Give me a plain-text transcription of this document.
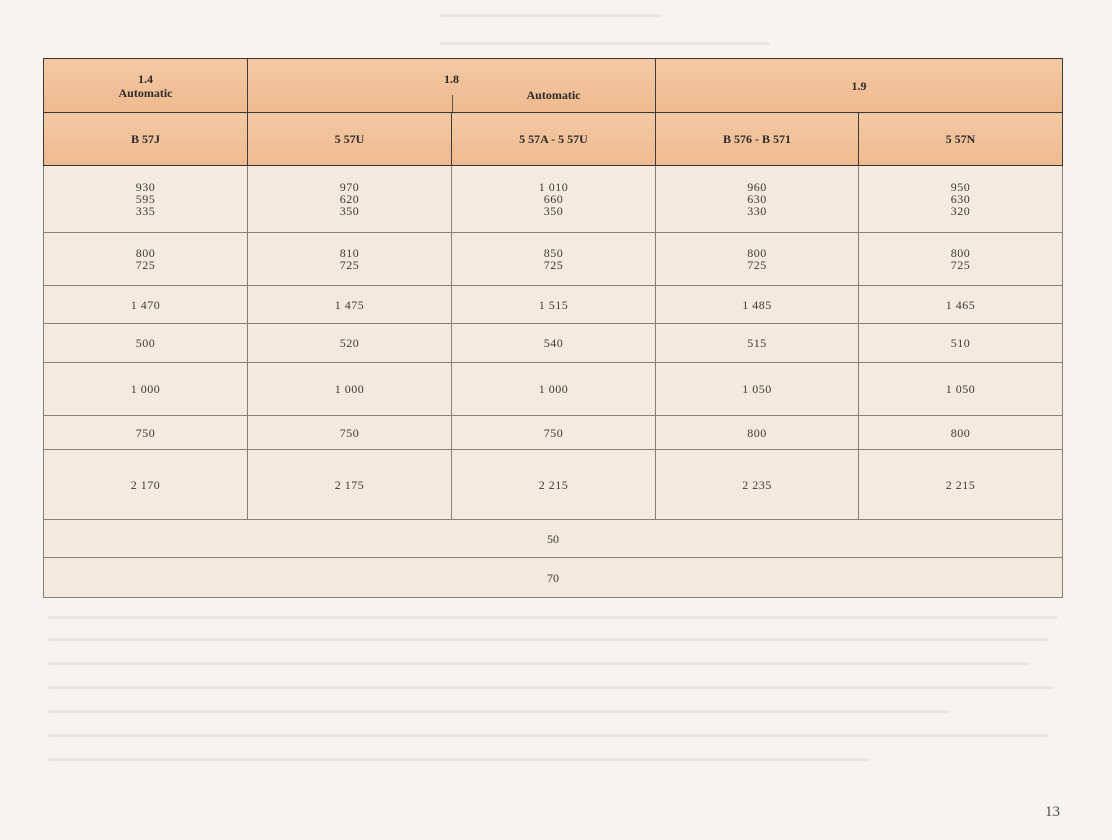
1.4
Automatic	1.8
Automatic		1.9	
B 57J	5 57U	5 57A - 5 57U	B 576 - B 571	5 57N

930
595
335	970
620
350	1 010
660
350	960
630
330	950
630
320

800
725	810
725	850
725	800
725	800
725

1 470	1 475	1 515	1 485	1 465

500	520	540	515	510

1 000	1 000	1 000	1 050	1 050

750	750	750	800	800

2 170	2 175	2 215	2 235	2 215

50				
70				
13
